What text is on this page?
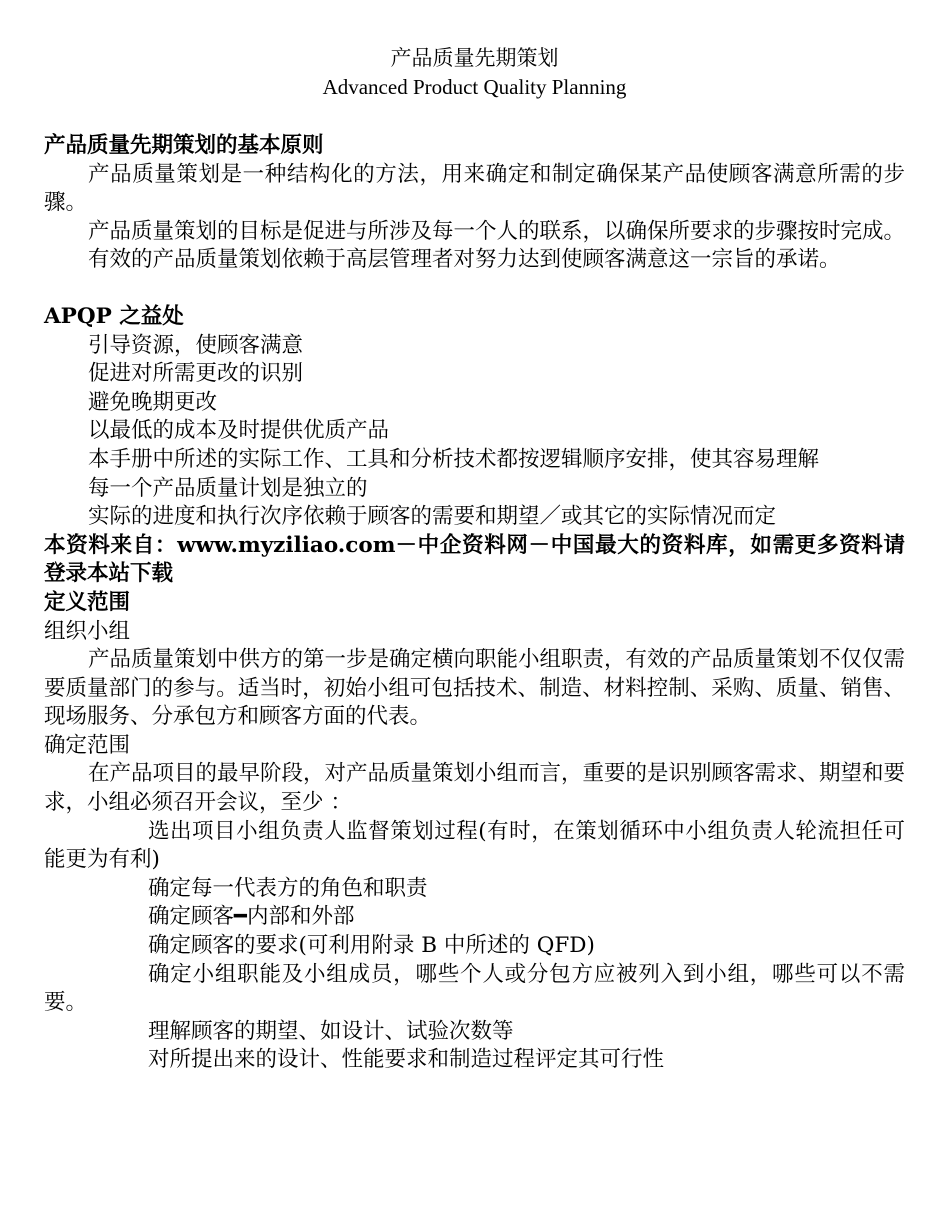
产品质量先期策划
Advanced Product Quality Planning
产品质量先期策划的基本原则
产品质量策划是一种结构化的方法，用来确定和制定确保某产品使顾客满意所需的步骤。
产品质量策划的目标是促进与所涉及每一个人的联系，以确保所要求的步骤按时完成。
有效的产品质量策划依赖于高层管理者对努力达到使顾客满意这一宗旨的承诺。
APQP 之益处
引导资源，使顾客满意
促进对所需更改的识别
避免晚期更改
以最低的成本及时提供优质产品
本手册中所述的实际工作、工具和分析技术都按逻辑顺序安排，使其容易理解
每一个产品质量计划是独立的
实际的进度和执行次序依赖于顾客的需要和期望／或其它的实际情况而定
本资料来自：www.myziliao.com－中企资料网－中国最大的资料库，如需更多资料请登录本站下载
定义范围
组织小组
产品质量策划中供方的第一步是确定横向职能小组职责，有效的产品质量策划不仅仅需要质量部门的参与。适当时，初始小组可包括技术、制造、材料控制、采购、质量、销售、现场服务、分承包方和顾客方面的代表。
确定范围
在产品项目的最早阶段，对产品质量策划小组而言，重要的是识别顾客需求、期望和要求，小组必须召开会议，至少 ：
选出项目小组负责人监督策划过程(有时，在策划循环中小组负责人轮流担任可能更为有利)
确定每一代表方的角色和职责
确定顾客━内部和外部
确定顾客的要求(可利用附录 B 中所述的 QFD)
确定小组职能及小组成员，哪些个人或分包方应被列入到小组，哪些可以不需要。
理解顾客的期望、如设计、试验次数等
对所提出来的设计、性能要求和制造过程评定其可行性
